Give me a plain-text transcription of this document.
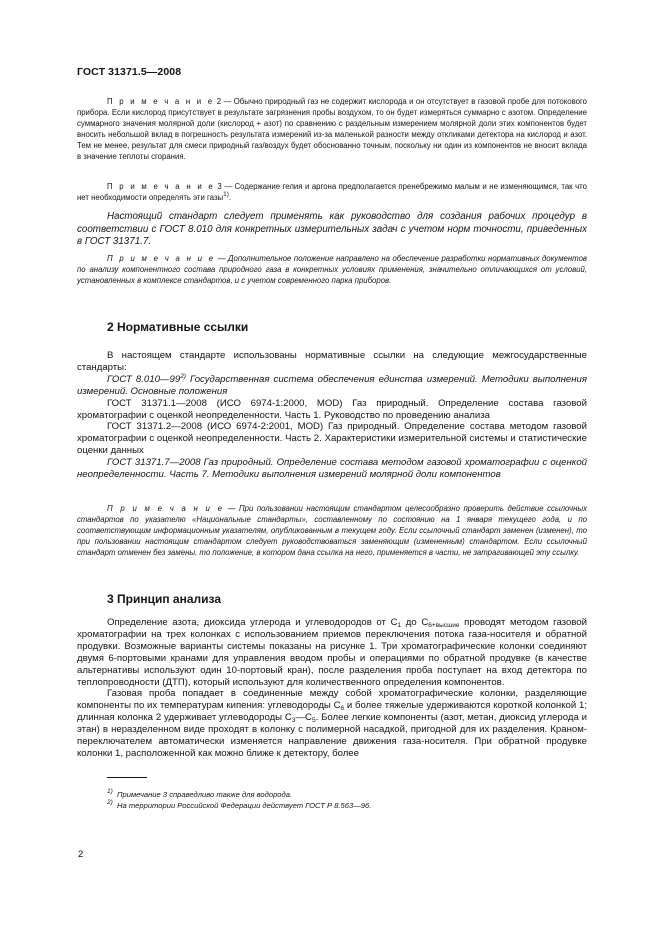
ГОСТ 31371.5—2008

П р и м е ч а н и е 2 — Обычно природный газ не содержит кислорода и он отсутствует в газовой пробе для потокового прибора. Если кислород присутствует в результате загрязнения пробы воздухом, то он будет измеряться суммарно с азотом. Определение суммарного значения молярной доли (кислород + азот) по сравнению с раздельным измерением молярной доли этих компонентов будет вносить небольшой вклад в погрешность результата измерений из-за маленькой разности между откликами детектора на кислород и азот. Тем не менее, результат для смеси природный газ/воздух будет обоснованно точным, поскольку ни один из компонентов не вносит вклада в значение теплоты сгорания.

П р и м е ч а н и е 3 — Содержание гелия и аргона предполагается пренебрежимо малым и не изменяющимся, так что нет необходимости определять эти газы$^{1)}$.

Настоящий стандарт следует применять как руководство для создания рабочих процедур в соответствии с ГОСТ 8.010 для конкретных измерительных задач с учетом норм точности, приведенных в ГОСТ 31371.7.

П р и м е ч а н и е — Дополнительное положение направлено на обеспечение разработки нормативных документов по анализу компонентного состава природного газа в конкретных условиях применения, значительно отличающихся от условий, установленных в комплексе стандартов, и с учетом современного парка приборов.

2 Нормативные ссылки

В настоящем стандарте использованы нормативные ссылки на следующие межгосударственные стандарты:

ГОСТ 8.010—99$^{2)}$ Государственная система обеспечения единства измерений. Методики выполнения измерений. Основные положения

ГОСТ 31371.1—2008 (ИСО 6974-1:2000, MOD) Газ природный. Определение состава газовой хроматографии с оценкой неопределенности. Часть 1. Руководство по проведению анализа

ГОСТ 31371.2—2008 (ИСО 6974-2:2001, MOD) Газ природный. Определение состава методом газовой хроматографии с оценкой неопределенности. Часть 2. Характеристики измерительной системы и статистические оценки данных

ГОСТ 31371.7—2008 Газ природный. Определение состава методом газовой хроматографии с оценкой неопределенности. Часть 7. Методики выполнения измерений молярной доли компонентов

П р и м е ч а н и е — При пользовании настоящим стандартом целесообразно проверить действие ссылочных стандартов по указателю «Национальные стандарты», составленному по состоянию на 1 января текущего года, и по соответствующим информационным указателям, опубликованным в текущем году. Если ссылочный стандарт заменен (изменен), то при пользовании настоящим стандартом следует руководствоваться заменяющим (измененным) стандартом. Если ссылочный стандарт отменен без замены, то положение, в котором дана ссылка на него, применяется в части, не затрагивающей эту ссылку.

3 Принцип анализа

Определение азота, диоксида углерода и углеводородов от $С_1$ до $С_{6+высшие}$ проводят методом газовой хроматографии на трех колонках с использованием приемов переключения потока газа-носителя и обратной продувки. Возможные варианты системы показаны на рисунке 1. Три хроматографические колонки соединяют двумя 6-портовыми кранами для управления вводом пробы и операциями по обратной продувке (в качестве альтернативы используют один 10-портовый кран), после разделения проба поступает на вход детектора по теплопроводности (ДТП), который используют для количественного определения компонентов.

Газовая проба попадает в соединенные между собой хроматографические колонки, разделяющие компоненты по их температурам кипения: углеводороды $С_6$ и более тяжелые удерживаются короткой колонкой 1; длинная колонка 2 удерживает углеводороды $С_3—С_5$. Более легкие компоненты (азот, метан, диоксид углерода и этан) в неразделенном виде проходят в колонку с полимерной насадкой, пригодной для их разделения. Краном-переключателем автоматически изменяется направление движения газа-носителя. При обратной продувке колонки 1, расположенной как можно ближе к детектору, более

$^{1)}$ Примечание 3 справедливо также для водорода.
$^{2)}$ На территории Российской Федерации действует ГОСТ Р 8.563—96.
2
